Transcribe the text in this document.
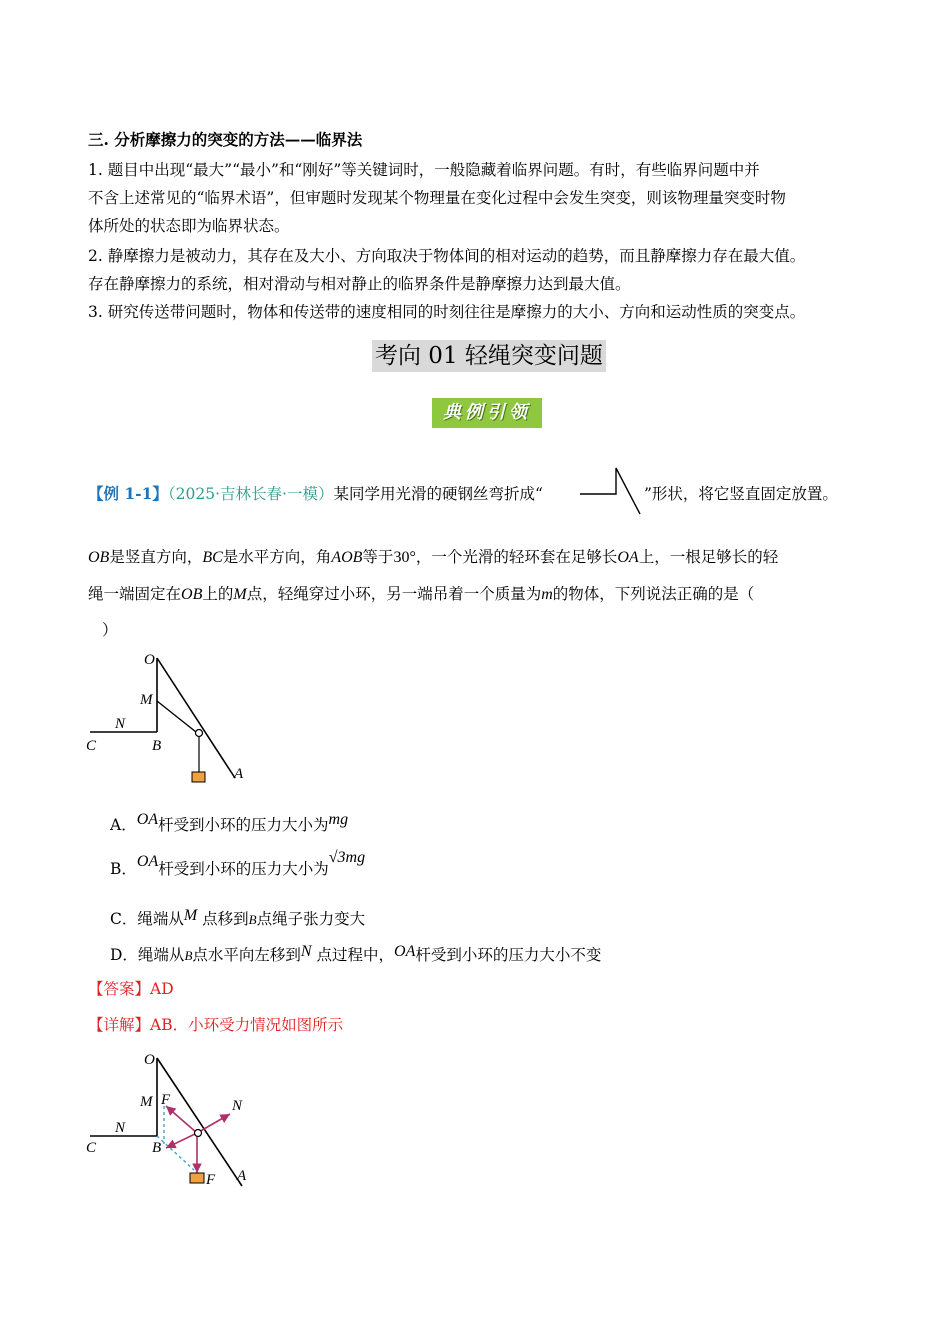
三. 分析摩擦力的突变的方法——临界法

1. 题目中出现“最大”“最小”和“刚好”等关键词时，一般隐藏着临界问题。有时，有些临界问题中并

不含上述常见的“临界术语”，但审题时发现某个物理量在变化过程中会发生突变，则该物理量突变时物

体所处的状态即为临界状态。

2. 静摩擦力是被动力，其存在及大小、方向取决于物体间的相对运动的趋势，而且静摩擦力存在最大值。

存在静摩擦力的系统，相对滑动与相对静止的临界条件是静摩擦力达到最大值。

3. 研究传送带问题时，物体和传送带的速度相同的时刻往往是摩擦力的大小、方向和运动性质的突变点。

考向 01 轻绳突变问题
典例引领
【例 1-1】（2025·吉林长春·一模）某同学用光滑的硬钢丝弯折成“	”形状，将它竖直固定放置。
OB是竖直方向，BC是水平方向，角AOB等于30°，一个光滑的轻环套在足够长OA上，一根足够长的轻
绳一端固定在OB上的M点，轻绳穿过小环，另一端吊着一个质量为m的物体，下列说法正确的是（
）
O
M
N
C	B
A
A．OA杆受到小环的压力大小为mg
B．OA杆受到小环的压力大小为√3mg
C．绳端从M 点移到B点绳子张力变大
D．绳端从B点水平向左移到N 点过程中，OA杆受到小环的压力大小不变
【答案】AD
【详解】AB．小环受力情况如图所示
O
M F
N
N
C	B
F A
